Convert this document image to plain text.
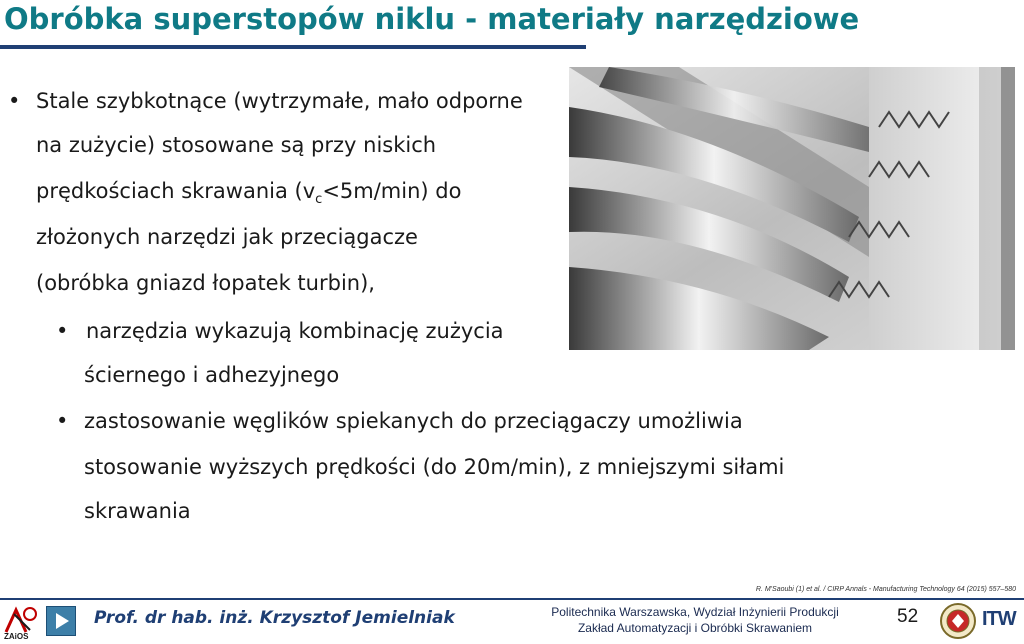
Obróbka superstopów niklu - materiały narzędziowe
• Stale szybkotnące (wytrzymałe, mało odporne
na zużycie) stosowane są przy niskich
prędkościach skrawania $(v_c<5m/\min)$ do
złożonych narzędzi jak przeciągacze
(obróbka gniazd łopatek turbin),
• narzędzia wykazują kombinację zużycia
ściernego i adhezyjnego
• zastosowanie węglików spiekanych do przeciągaczy umożliwia
stosowanie wyższych prędkości (do 20m/min), z mniejszymi siłami
skrawania
R. M'Saoubi (1) et al. / CIRP Annals - Manufacturing Technology 64 (2015) 557–580
ZAiOS
Prof. dr hab. inż. Krzysztof Jemielniak	Politechnika Warszawska, Wydział Inżynierii Produkcji
Zakład Automatyzacji i Obróbki Skrawaniem
52	ITW
